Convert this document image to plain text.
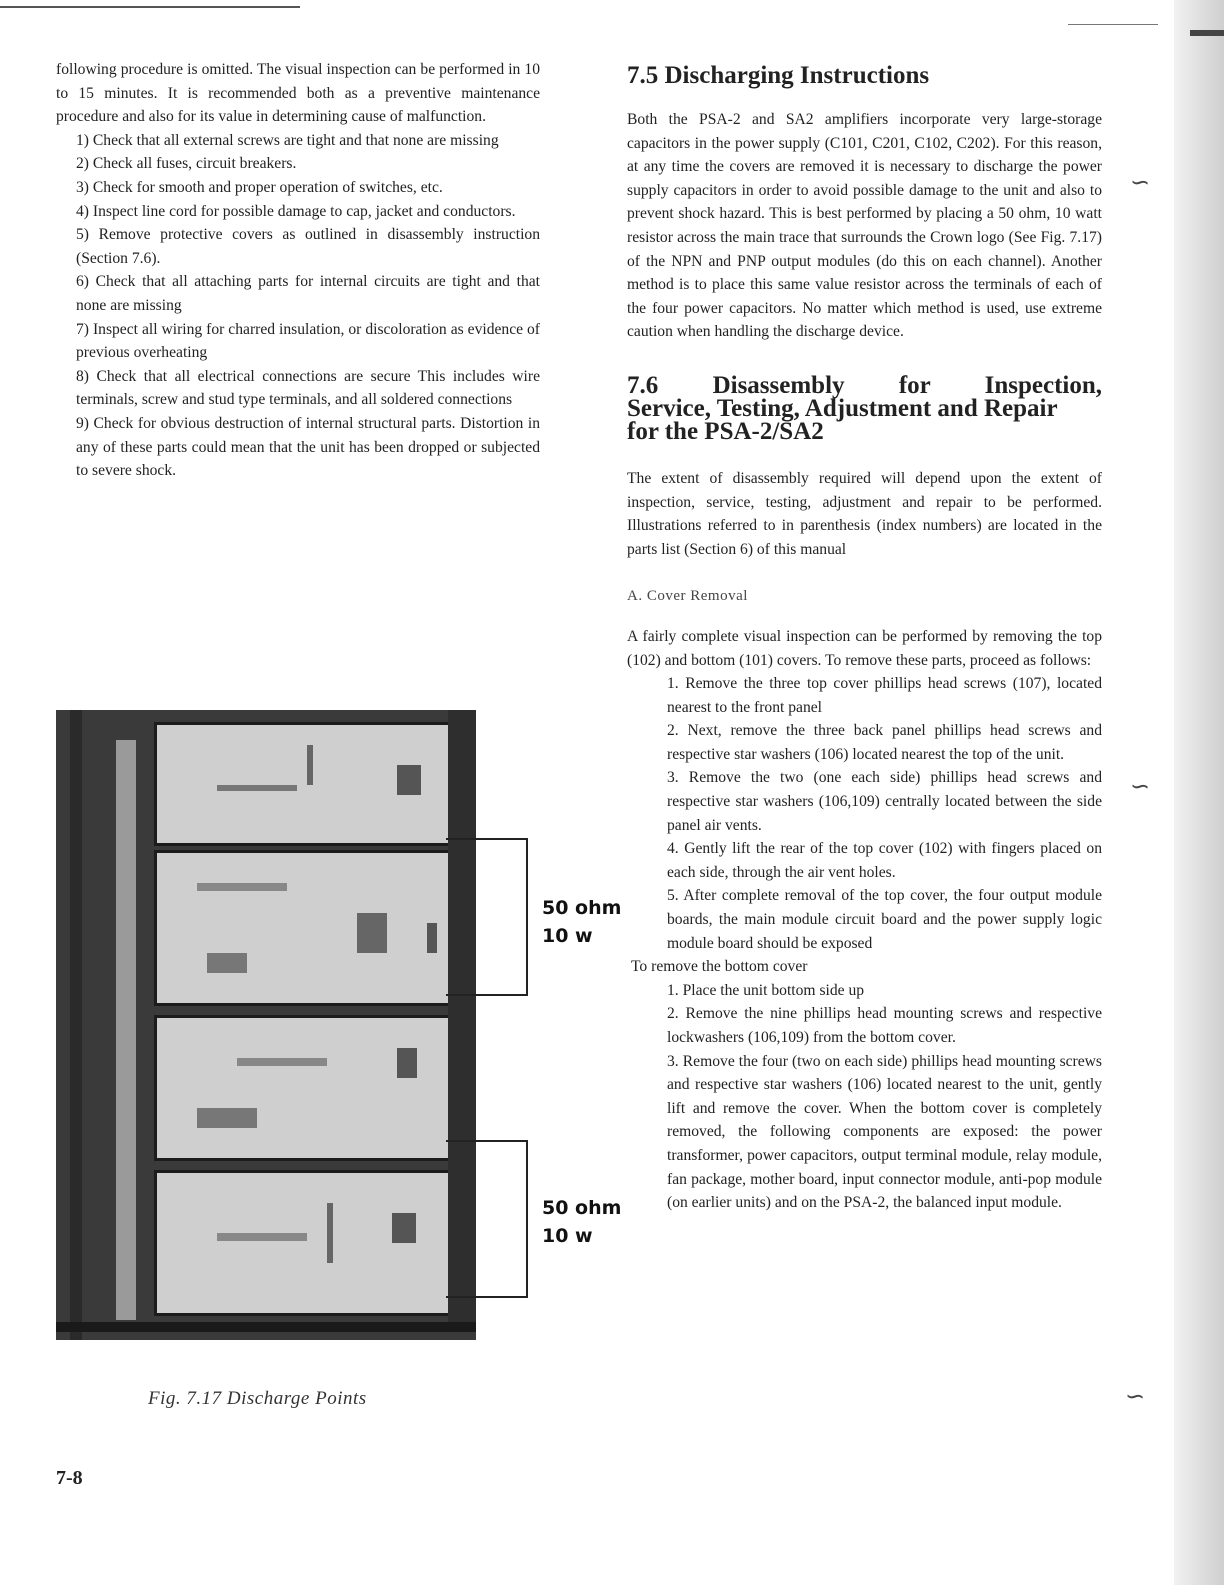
∽
∽
∽

following procedure is omitted. The visual inspection can be performed in 10 to 15 minutes. It is recommended both as a preventive maintenance procedure and also for its value in determining cause of malfunction.

1) Check that all external screws are tight and that none are missing
2) Check all fuses, circuit breakers.
3) Check for smooth and proper operation of switches, etc.
4) Inspect line cord for possible damage to cap, jacket and conductors.
5) Remove protective covers as outlined in disassembly instruction (Section 7.6).
6) Check that all attaching parts for internal circuits are tight and that none are missing
7) Inspect all wiring for charred insulation, or discoloration as evidence of previous overheating
8) Check that all electrical connections are secure This includes wire terminals, screw and stud type terminals, and all soldered connections
9) Check for obvious destruction of internal structural parts. Distortion in any of these parts could mean that the unit has been dropped or subjected to severe shock.
50 ohm
10 w
50 ohm
10 w
Fig. 7.17 Discharge Points
7.5 Discharging Instructions

Both the PSA-2 and SA2 amplifiers incorporate very large-storage capacitors in the power supply (C101, C201, C102, C202). For this reason, at any time the covers are removed it is necessary to discharge the power supply capacitors in order to avoid possible damage to the unit and also to prevent shock hazard. This is best performed by placing a 50 ohm, 10 watt resistor across the main trace that surrounds the Crown logo (See Fig. 7.17) of the NPN and PNP output modules (do this on each channel). Another method is to place this same value resistor across the terminals of each of the four power capacitors. No matter which method is used, use extreme caution when handling the discharge device.

7.6 Disassembly for Inspection,
Service, Testing, Adjustment and Repair
for the PSA-2/SA2

The extent of disassembly required will depend upon the extent of inspection, service, testing, adjustment and repair to be performed. Illustrations referred to in parenthesis (index numbers) are located in the parts list (Section 6) of this manual

A. Cover Removal

A fairly complete visual inspection can be performed by removing the top (102) and bottom (101) covers. To remove these parts, proceed as follows:

1. Remove the three top cover phillips head screws (107), located nearest to the front panel
2. Next, remove the three back panel phillips head screws and respective star washers (106) located nearest the top of the unit.
3. Remove the two (one each side) phillips head screws and respective star washers (106,109) centrally located between the side panel air vents.
4. Gently lift the rear of the top cover (102) with fingers placed on each side, through the air vent holes.
5. After complete removal of the top cover, the four output module boards, the main module circuit board and the power supply logic module board should be exposed

To remove the bottom cover

1. Place the unit bottom side up
2. Remove the nine phillips head mounting screws and respective lockwashers (106,109) from the bottom cover.
3. Remove the four (two on each side) phillips head mounting screws and respective star washers (106) located nearest to the unit, gently lift and remove the cover. When the bottom cover is completely removed, the following components are exposed: the power transformer, power capacitors, output terminal module, relay module, fan package, mother board, input connector module, anti-pop module (on earlier units) and on the PSA-2, the balanced input module.
7-8
